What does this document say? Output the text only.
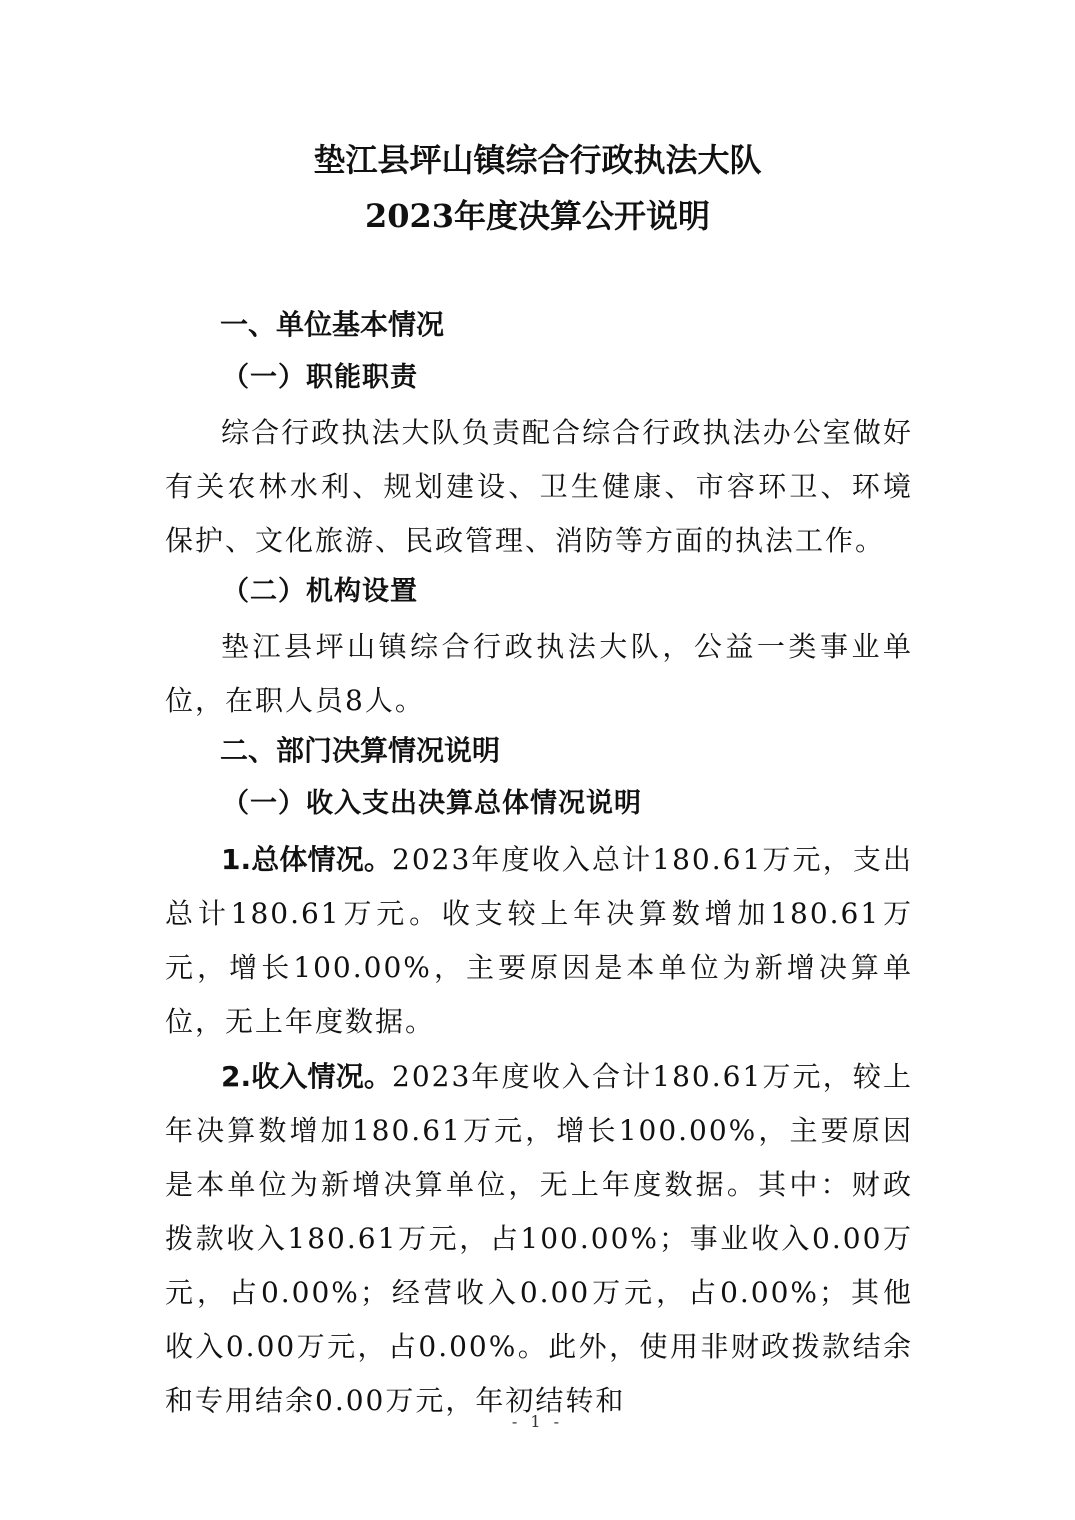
垫江县坪山镇综合行政执法大队
2023年度决算公开说明
一、单位基本情况
（一）职能职责
综合行政执法大队负责配合综合行政执法办公室做好有关农林水利、规划建设、卫生健康、市容环卫、环境保护、文化旅游、民政管理、消防等方面的执法工作。
（二）机构设置
垫江县坪山镇综合行政执法大队，公益一类事业单位，在职人员8人。
二、部门决算情况说明
（一）收入支出决算总体情况说明
1.总体情况。2023年度收入总计180.61万元，支出总计180.61万元。收支较上年决算数增加180.61万元，增长100.00%，主要原因是本单位为新增决算单位，无上年度数据。
2.收入情况。2023年度收入合计180.61万元，较上年决算数增加180.61万元，增长100.00%，主要原因是本单位为新增决算单位，无上年度数据。其中：财政拨款收入180.61万元，占100.00%；事业收入0.00万元，占0.00%；经营收入0.00万元，占0.00%；其他收入0.00万元，占0.00%。此外，使用非财政拨款结余和专用结余0.00万元，年初结转和
- 1 -
